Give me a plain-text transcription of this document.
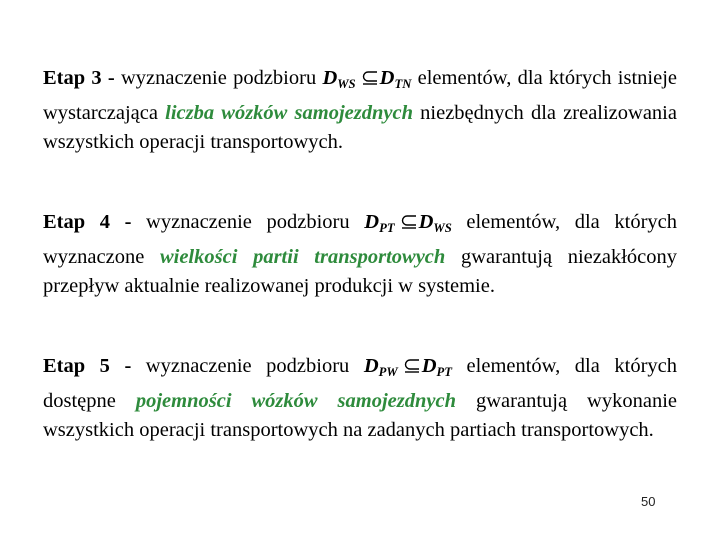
Etap 3 - wyznaczenie podzbioru $D_{WS}$ $D_{TN}$ elementów, dla których istnieje wystarczająca liczba wózków samojezdnych niezbędnych dla zrealizowania wszystkich operacji transportowych.

Etap 4 - wyznaczenie podzbioru $D_{PT}$ $D_{WS}$ elementów, dla których wyznaczone wielkości partii transportowych gwarantują niezakłócony przepływ aktualnie realizowanej produkcji w systemie.

Etap 5 - wyznaczenie podzbioru $D_{PW}$ $D_{PT}$ elementów, dla których dostępne pojemności wózków samojezdnych gwarantują wykonanie wszystkich operacji transportowych na zadanych partiach transportowych.

50
